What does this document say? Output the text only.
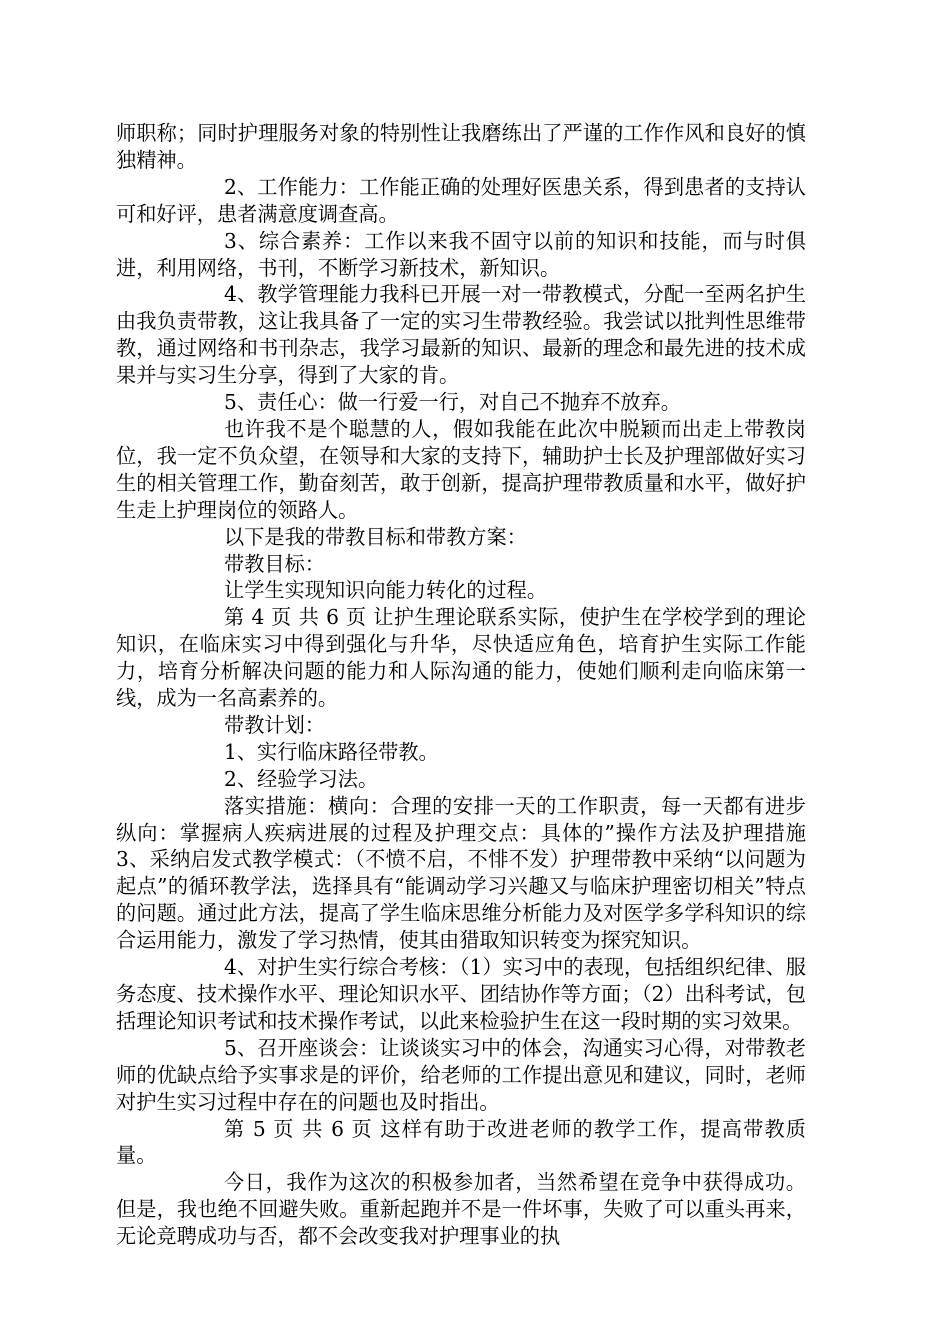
师职称；同时护理服务对象的特别性让我磨练出了严谨的工作作风和良好的慎独精神。

2、工作能力：工作能正确的处理好医患关系，得到患者的支持认可和好评，患者满意度调查高。

3、综合素养：工作以来我不固守以前的知识和技能，而与时俱进，利用网络，书刊，不断学习新技术，新知识。

4、教学管理能力我科已开展一对一带教模式，分配一至两名护生由我负责带教，这让我具备了一定的实习生带教经验。我尝试以批判性思维带教，通过网络和书刊杂志，我学习最新的知识、最新的理念和最先进的技术成果并与实习生分享，得到了大家的肯。

5、责任心：做一行爱一行，对自己不抛弃不放弃。

也许我不是个聪慧的人，假如我能在此次中脱颖而出走上带教岗位，我一定不负众望，在领导和大家的支持下，辅助护士长及护理部做好实习生的相关管理工作，勤奋刻苦，敢于创新，提高护理带教质量和水平，做好护生走上护理岗位的领路人。

以下是我的带教目标和带教方案：

带教目标：

让学生实现知识向能力转化的过程。

第 4 页 共 6 页 让护生理论联系实际，使护生在学校学到的理论知识，在临床实习中得到强化与升华，尽快适应角色，培育护生实际工作能力，培育分析解决问题的能力和人际沟通的能力，使她们顺利走向临床第一线，成为一名高素养的。

带教计划：

1、实行临床路径带教。

2、经验学习法。

落实措施：横向：合理的安排一天的工作职责，每一天都有进步纵向：掌握病人疾病进展的过程及护理交点：具体的”操作方法及护理措施 3、采纳启发式教学模式：（不愤不启，不悱不发）护理带教中采纳“以问题为起点”的循环教学法，选择具有“能调动学习兴趣又与临床护理密切相关”特点的问题。通过此方法，提高了学生临床思维分析能力及对医学多学科知识的综合运用能力，激发了学习热情，使其由猎取知识转变为探究知识。

4、对护生实行综合考核：（1）实习中的表现，包括组织纪律、服务态度、技术操作水平、理论知识水平、团结协作等方面；（2）出科考试，包括理论知识考试和技术操作考试，以此来检验护生在这一段时期的实习效果。

5、召开座谈会：让谈谈实习中的体会，沟通实习心得，对带教老师的优缺点给予实事求是的评价，给老师的工作提出意见和建议，同时，老师对护生实习过程中存在的问题也及时指出。

第 5 页 共 6 页 这样有助于改进老师的教学工作，提高带教质量。

今日，我作为这次的积极参加者，当然希望在竞争中获得成功。但是，我也绝不回避失败。重新起跑并不是一件坏事，失败了可以重头再来，无论竞聘成功与否，都不会改变我对护理事业的执
